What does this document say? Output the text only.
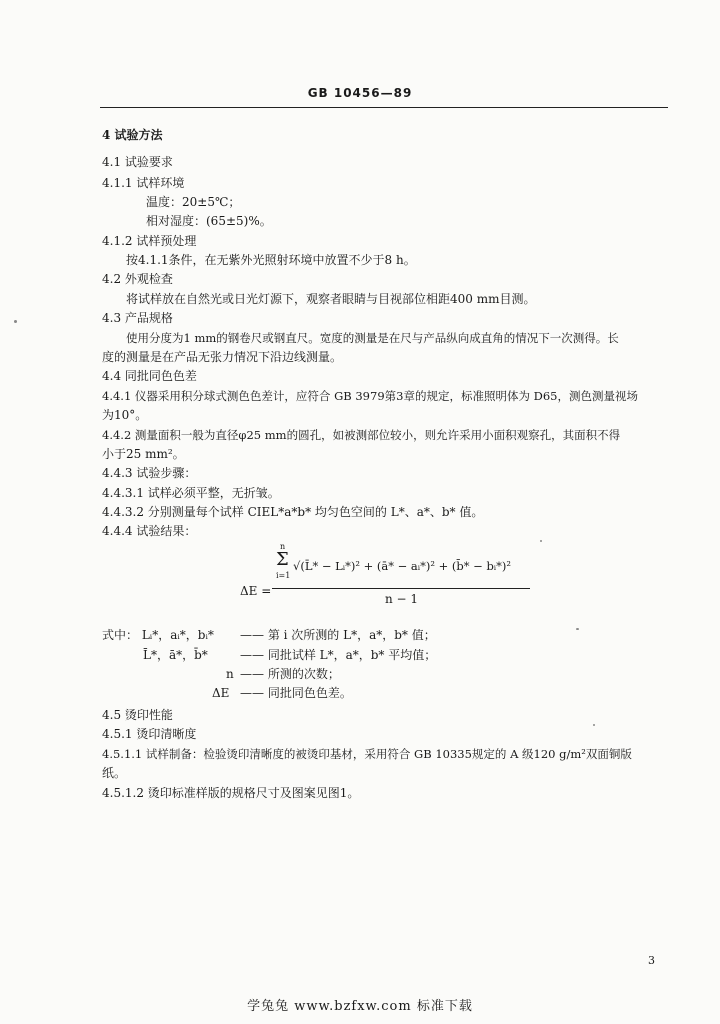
GB 10456—89
4 试验方法
4.1 试验要求
4.1.1 试样环境
温度：20±5℃；
相对湿度：(65±5)%。
4.1.2 试样预处理
按4.1.1条件，在无紫外光照射环境中放置不少于8 h。
4.2 外观检查
将试样放在自然光或日光灯源下，观察者眼睛与目视部位相距400 mm目测。
4.3 产品规格
使用分度为1 mm的钢卷尺或钢直尺。宽度的测量是在尺与产品纵向成直角的情况下一次测得。长
度的测量是在产品无张力情况下沿边线测量。
4.4 同批同色色差
4.4.1 仪器采用积分球式测色色差计，应符合 GB 3979第3章的规定，标准照明体为 D65，测色测量视场
为10°。
4.4.2 测量面积一般为直径φ25 mm的圆孔，如被测部位较小，则允许采用小面积观察孔，其面积不得
小于25 mm²。
4.4.3 试验步骤：
4.4.3.1 试样必须平整，无折皱。
4.4.3.2 分别测量每个试样 CIEL*a*b* 均匀色空间的 L*、a*、b* 值。
4.4.4 试验结果：
ΔE =
n
Σ
i=1
√(L̄* − Lᵢ*)² + (ā* − aᵢ*)² + (b̄* − bᵢ*)²
n − 1
式中： Lᵢ*，aᵢ*，bᵢ* —— 第 i 次所测的 L*，a*，b* 值；
L̄*，ā*，b̄*	—— 同批试样 L*，a*，b* 平均值；
n —— 所测的次数；
ΔE —— 同批同色色差。
4.5 烫印性能
4.5.1 烫印清晰度
4.5.1.1 试样制备：检验烫印清晰度的被烫印基材，采用符合 GB 10335规定的 A 级120 g/m²双面铜版
纸。
4.5.1.2 烫印标准样版的规格尺寸及图案见图1。
3
学兔兔 www.bzfxw.com 标准下载
